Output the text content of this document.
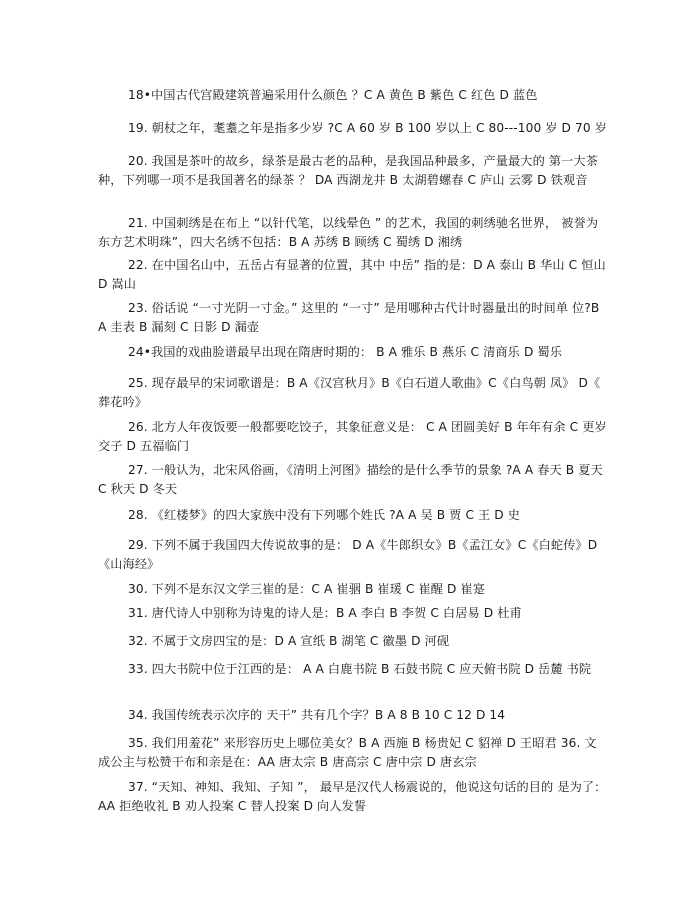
18•中国古代宫殿建筑普遍采用什么颜色 ？C A 黄色 B 紫色 C 红色 D 蓝色
19. 朝杖之年，耄耋之年是指多少岁 ?C A 60 岁 B 100 岁以上 C 80---100 岁 D 70 岁
20. 我国是茶叶的故乡，绿茶是最古老的品种，是我国品种最多，产量最大的 第一大茶种，下列哪一项不是我国著名的绿茶 ？ DA 西湖龙井 B 太湖碧螺春 C 庐山 云雾 D 铁观音
21. 中国刺绣是在布上 “以针代笔，以线晕色 ” 的艺术，我国的刺绣驰名世界， 被誉为东方艺术明珠”，四大名绣不包括：B A 苏绣 B 顾绣 C 蜀绣 D 湘绣
22. 在中国名山中，五岳占有显著的位置，其中 中岳” 指的是：D A 泰山 B 华山 C 恒山 D 嵩山
23. 俗话说 “一寸光阴一寸金。” 这里的 “一寸” 是用哪种古代计时器量出的时间单 位?B A 圭表 B 漏刻 C 日影 D 漏壶
24•我国的戏曲脸谱最早出现在隋唐时期的： B A 雅乐 B 燕乐 C 清商乐 D 蜀乐
25. 现存最早的宋词歌谱是：B A《汉宫秋月》B《白石道人歌曲》C《白鸟朝 凤》 D《 葬花吟》
26. 北方人年夜饭要一般都要吃饺子，其象征意义是： C A 团圆美好 B 年年有余 C 更岁交子 D 五福临门
27. 一般认为，北宋风俗画，《清明上河图》描绘的是什么季节的景象 ?A A 春天 B 夏天 C 秋天 D 冬天
28. 《红楼梦》的四大家族中没有下列哪个姓氏 ?A A 吴 B 贾 C 王 D 史
29. 下列不属于我国四大传说故事的是： D A《牛郎织女》B《孟江女》C《白蛇传》D《山海经》
30. 下列不是东汉文学三崔的是：C A 崔骃 B 崔瑗 C 崔醒 D 崔寔
31. 唐代诗人中别称为诗鬼的诗人是：B A 李白 B 李贺 C 白居易 D 杜甫
32. 不属于文房四宝的是：D A 宣纸 B 湖笔 C 徽墨 D 河砚
33. 四大书院中位于江西的是： A A 白鹿书院 B 石鼓书院 C 应天俯书院 D 岳麓 书院
34. 我国传统表示次序的 天干” 共有几个字？B A 8 B 10 C 12 D 14
35. 我们用羞花” 来形容历史上哪位美女？B A 西施 B 杨贵妃 C 貂禅 D 王昭君 36. 文成公主与松赞干布和亲是在：AA 唐太宗 B 唐高宗 C 唐中宗 D 唐玄宗
37. “天知、神知、我知、子知 ”， 最早是汉代人杨震说的，他说这句话的目的 是为了： AA 拒绝收礼 B 劝人投案 C 替人投案 D 向人发誓
